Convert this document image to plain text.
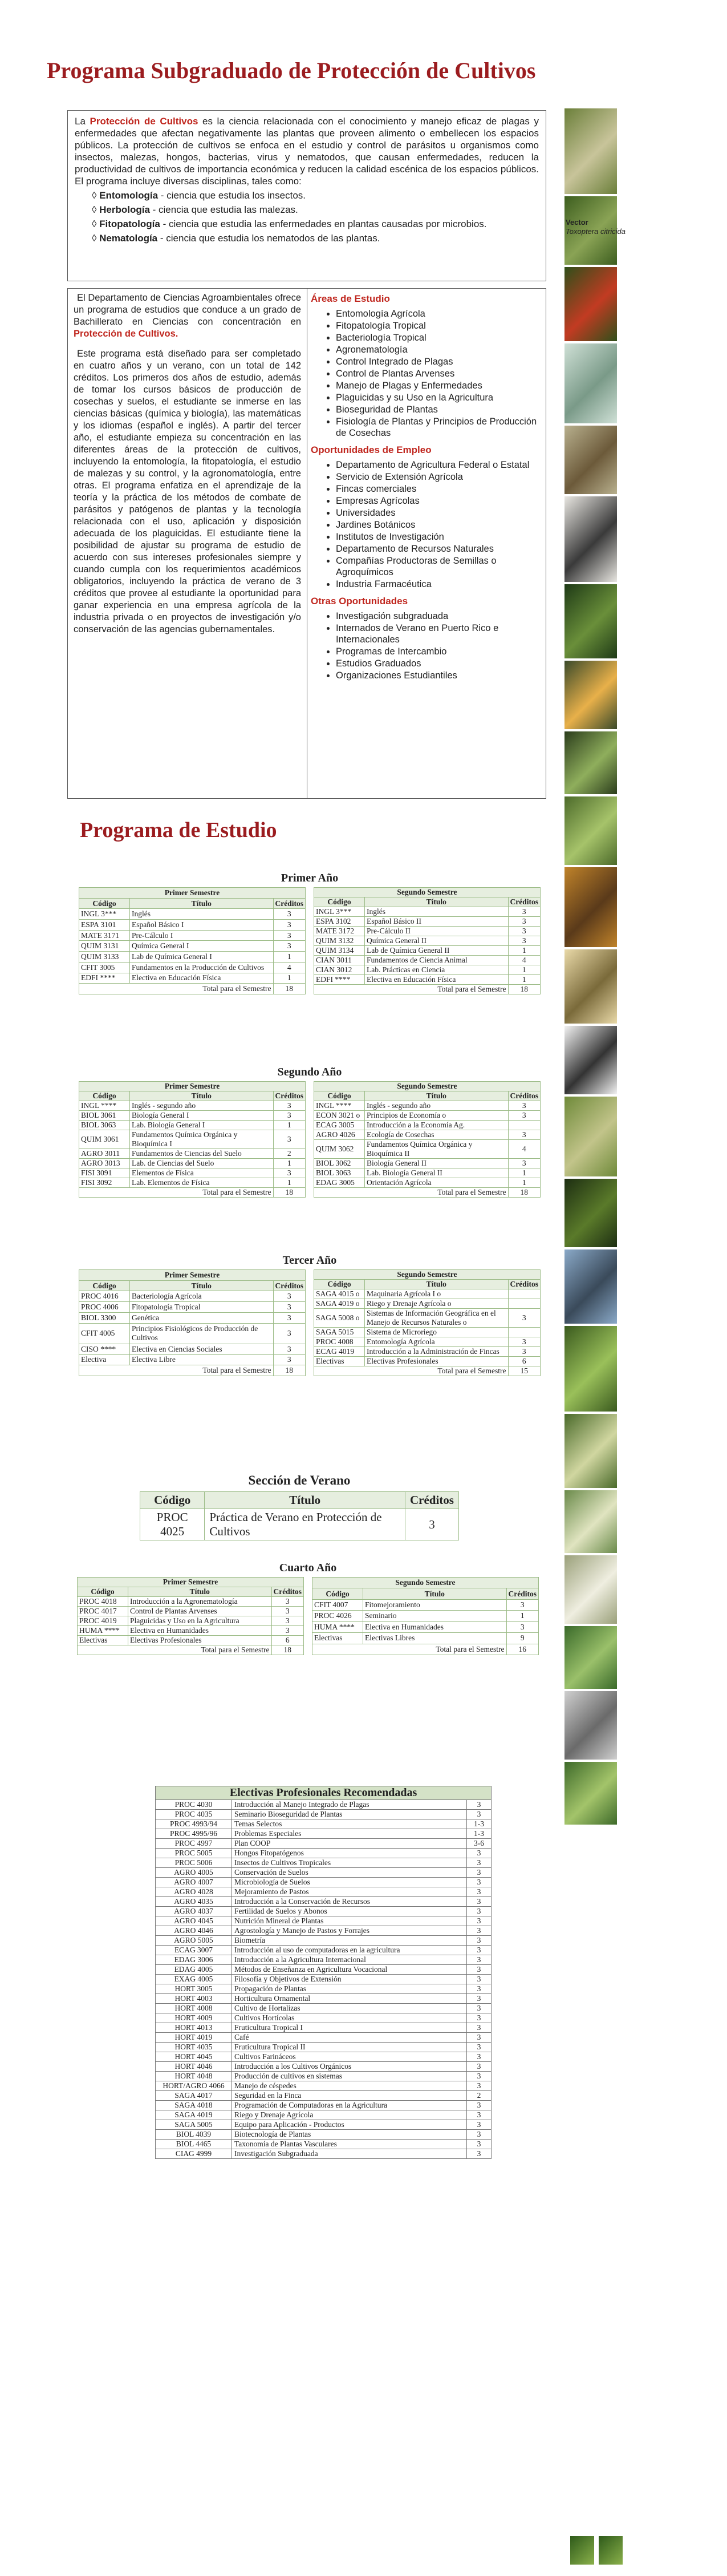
Programa Subgraduado de Protección de Cultivos
La Protección de Cultivos es la ciencia relacionada con el conocimiento y manejo eficaz de plagas y enfermedades que afectan negativamente las plantas que proveen alimento o embellecen los espacios públicos. La protección de cultivos se enfoca en el estudio y control de parásitos u organismos como insectos, malezas, hongos, bacterias, virus y nematodos, que causan enfermedades, reducen la productividad de cultivos de importancia económica y reducen la calidad escénica de los espacios públicos. El programa incluye diversas disciplinas, tales como:
◊ Entomología - ciencia que estudia los insectos.
◊ Herbología - ciencia que estudia las malezas.
◊ Fitopatología - ciencia que estudia las enfermedades en plantas causadas por microbios.
◊ Nematología - ciencia que estudia los nematodos de las plantas.

El Departamento de Ciencias Agroambientales ofrece un programa de estudios que conduce a un grado de Bachillerato en Ciencias con concentración en Protección de Cultivos.

Este programa está diseñado para ser completado en cuatro años y un verano, con un total de 142 créditos. Los primeros dos años de estudio, además de tomar los cursos básicos de producción de cosechas y suelos, el estudiante se inmerse en las ciencias básicas (química y biología), las matemáticas y los idiomas (español e inglés). A partir del tercer año, el estudiante empieza su concentración en las diferentes áreas de la protección de cultivos, incluyendo la entomología, la fitopatología, el estudio de malezas y su control, y la agronomatología, entre otras. El programa enfatiza en el aprendizaje de la teoría y la práctica de los métodos de combate de parásitos y patógenos de plantas y la tecnología relacionada con el uso, aplicación y disposición adecuada de los plaguicidas. El estudiante tiene la posibilidad de ajustar su programa de estudio de acuerdo con sus intereses profesionales siempre y cuando cumpla con los requerimientos académicos obligatorios, incluyendo la práctica de verano de 3 créditos que provee al estudiante la oportunidad para ganar experiencia en una empresa agrícola de la industria privada o en proyectos de investigación y/o conservación de las agencias gubernamentales.

Áreas de Estudio
• Entomología Agrícola
• Fitopatología Tropical
• Bacteriología Tropical
• Agronematología
• Control Integrado de Plagas
• Control de Plantas Arvenses
• Manejo de Plagas y Enfermedades
• Plaguicidas y su Uso en la Agricultura
• Bioseguridad de Plantas
• Fisiología de Plantas y Principios de Producción de Cosechas
Oportunidades de Empleo
• Departamento de Agricultura Federal o Estatal
• Servicio de Extensión Agrícola
• Fincas comerciales
• Empresas Agrícolas
• Universidades
• Jardines Botánicos
• Institutos de Investigación
• Departamento de Recursos Naturales
• Compañías Productoras de Semillas o Agroquímicos
• Industria Farmacéutica
Otras Oportunidades
• Investigación subgraduada
• Internados de Verano en Puerto Rico e Internacionales
• Programas de Intercambio
• Estudios Graduados
• Organizaciones Estudiantiles
Programa de Estudio
Primer Año
Primer Semestre		
Código	Título	Créditos
INGL 3***	Inglés	3
ESPA 3101	Español Básico I	3
MATE 3171	Pre-Cálculo I	3
QUIM 3131	Química General I	3
QUIM 3133	Lab de Química General I	1
CFIT 3005	Fundamentos en la Producción de Cultivos	4
EDFI ****	Electiva en Educación Física	1
Total para el Semestre		18
Segundo Semestre		
Código	Título	Créditos
INGL 3***	Inglés	3
ESPA 3102	Español Básico II	3
MATE 3172	Pre-Cálculo II	3
QUIM 3132	Química General II	3
QUIM 3134	Lab de Química General II	1
CIAN 3011	Fundamentos de Ciencia Animal	4
CIAN 3012	Lab. Prácticas en Ciencia	1
EDFI ****	Electiva en Educación Física	1
Total para el Semestre		18
Segundo Año
Primer Semestre		
Código	Título	Créditos
INGL ****	Inglés - segundo año	3
BIOL 3061	Biología General I	3
BIOL 3063	Lab. Biología General I	1
QUIM 3061	Fundamentos Química Orgánica y Bioquímica I	3
AGRO 3011	Fundamentos de Ciencias del Suelo	2
AGRO 3013	Lab. de Ciencias del Suelo	1
FISI 3091	Elementos de Física	3
FISI 3092	Lab. Elementos de Física	1
Total para el Semestre		18
Segundo Semestre		
Código	Título	Créditos
INGL ****	Inglés - segundo año	3
ECON 3021 o	Principios de Economía o	3
ECAG 3005	Introducción a la Economía Ag.	
AGRO 4026	Ecología de Cosechas	3
QUIM 3062	Fundamentos Química Orgánica y Bioquímica II	4
BIOL 3062	Biología General II	3
BIOL 3063	Lab. Biología General II	1
EDAG 3005	Orientación Agrícola	1
Total para el Semestre		18
Tercer Año
Primer Semestre		
Código	Título	Créditos
PROC 4016	Bacteriología Agrícola	3
PROC 4006	Fitopatología Tropical	3
BIOL 3300	Genética	3
CFIT 4005	Principios Fisiológicos de Producción de Cultivos	3
CISO ****	Electiva en Ciencias Sociales	3
Electiva	Electiva Libre	3
Total para el Semestre		18
Segundo Semestre		
Código	Título	Créditos
SAGA 4015 o	Maquinaria Agrícola I o	
SAGA 4019 o	Riego y Drenaje Agrícola o	
SAGA 5008 o	Sistemas de Información Geográfica en el Manejo de Recursos Naturales o	3
SAGA 5015	Sistema de Microriego	
PROC 4008	Entomología Agrícola	3
ECAG 4019	Introducción a la Administración de Fincas	3
Electivas	Electivas Profesionales	6
Total para el Semestre		15
Sección de Verano
Código	Título	Créditos
PROC 4025	Práctica de Verano en Protección de Cultivos	3
Cuarto Año
Primer Semestre		
Código	Título	Créditos
PROC 4018	Introducción a la Agronematología	3
PROC 4017	Control de Plantas Arvenses	3
PROC 4019	Plaguicidas y Uso en la Agricultura	3
HUMA ****	Electiva en Humanidades	3
Electivas	Electivas Profesionales	6
Total para el Semestre		18
Segundo Semestre		
Código	Título	Créditos
CFIT 4007	Fitomejoramiento	3
PROC 4026	Seminario	1
HUMA ****	Electiva en Humanidades	3
Electivas	Electivas Libres	9
Total para el Semestre		16
Electivas Profesionales Recomendadas		
PROC 4030	Introducción al Manejo Integrado de Plagas	3
PROC 4035	Seminario Bioseguridad de Plantas	3
PROC 4993/94	Temas Selectos	1-3
PROC 4995/96	Problemas Especiales	1-3
PROC 4997	Plan COOP	3-6
PROC 5005	Hongos Fitopatógenos	3
PROC 5006	Insectos de Cultivos Tropicales	3
AGRO 4005	Conservación de Suelos	3
AGRO 4007	Microbiología de Suelos	3
AGRO 4028	Mejoramiento de Pastos	3
AGRO 4035	Introducción a la Conservación de Recursos	3
AGRO 4037	Fertilidad de Suelos y Abonos	3
AGRO 4045	Nutrición Mineral de Plantas	3
AGRO 4046	Agrostología y Manejo de Pastos y Forrajes	3
AGRO 5005	Biometría	3
ECAG 3007	Introducción al uso de computadoras en la agricultura	3
EDAG 3006	Introducción a la Agricultura Internacional	3
EDAG 4005	Métodos de Enseñanza en Agricultura Vocacional	3
EXAG 4005	Filosofía y Objetivos de Extensión	3
HORT 3005	Propagación de Plantas	3
HORT 4003	Horticultura Ornamental	3
HORT 4008	Cultivo de Hortalizas	3
HORT 4009	Cultivos Hortícolas	3
HORT 4013	Fruticultura Tropical I	3
HORT 4019	Café	3
HORT 4035	Fruticultura Tropical II	3
HORT 4045	Cultivos Farináceos	3
HORT 4046	Introducción a los Cultivos Orgánicos	3
HORT 4048	Producción de cultivos en sistemas	3
HORT/AGRO 4066	Manejo de céspedes	3
SAGA 4017	Seguridad en la Finca	2
SAGA 4018	Programación de Computadoras en la Agricultura	3
SAGA 4019	Riego y Drenaje Agrícola	3
SAGA 5005	Equipo para Aplicación - Productos	3
BIOL 4039	Biotecnología de Plantas	3
BIOL 4465	Taxonomía de Plantas Vasculares	3
CIAG 4999	Investigación Subgraduada	3
Vector
Toxoptera citricida
